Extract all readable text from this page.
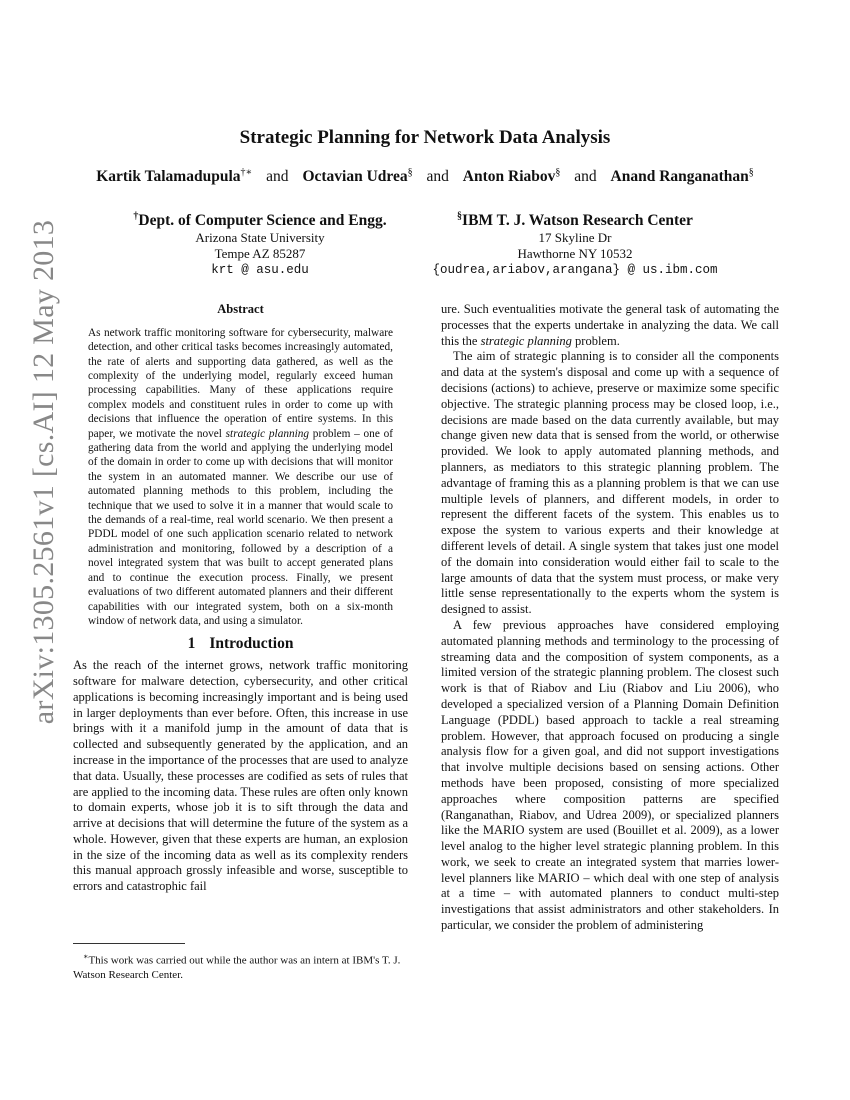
arXiv:1305.2561v1 [cs.AI] 12 May 2013
Strategic Planning for Network Data Analysis
Kartik Talamadupula†∗ and Octavian Udrea§ and Anton Riabov§ and Anand Ranganathan§
†Dept. of Computer Science and Engg.
Arizona State University
Tempe AZ 85287
krt @ asu.edu
§IBM T. J. Watson Research Center
17 Skyline Dr
Hawthorne NY 10532
{oudrea,ariabov,arangana} @ us.ibm.com
Abstract
As network traffic monitoring software for cybersecurity, malware detection, and other critical tasks becomes increasingly automated, the rate of alerts and supporting data gathered, as well as the complexity of the underlying model, regularly exceed human processing capabilities. Many of these applications require complex models and constituent rules in order to come up with decisions that influence the operation of entire systems. In this paper, we motivate the novel strategic planning problem – one of gathering data from the world and applying the underlying model of the domain in order to come up with decisions that will monitor the system in an automated manner. We describe our use of automated planning methods to this problem, including the technique that we used to solve it in a manner that would scale to the demands of a real-time, real world scenario. We then present a PDDL model of one such application scenario related to network administration and monitoring, followed by a description of a novel integrated system that was built to accept generated plans and to continue the execution process. Finally, we present evaluations of two different automated planners and their different capabilities with our integrated system, both on a six-month window of network data, and using a simulator.
1 Introduction

As the reach of the internet grows, network traffic monitoring software for malware detection, cybersecurity, and other critical applications is becoming increasingly important and is being used in larger deployments than ever before. Often, this increase in use brings with it a manifold jump in the amount of data that is collected and subsequently generated by the application, and an increase in the importance of the processes that are used to analyze that data. Usually, these processes are codified as sets of rules that are applied to the incoming data. These rules are often only known to domain experts, whose job it is to sift through the data and arrive at decisions that will determine the future of the system as a whole. However, given that these experts are human, an explosion in the size of the incoming data as well as its complexity renders this manual approach grossly infeasible and worse, susceptible to errors and catastrophic fail

ure. Such eventualities motivate the general task of automating the processes that the experts undertake in analyzing the data. We call this the strategic planning problem.

The aim of strategic planning is to consider all the components and data at the system's disposal and come up with a sequence of decisions (actions) to achieve, preserve or maximize some specific objective. The strategic planning process may be closed loop, i.e., decisions are made based on the data currently available, but may change given new data that is sensed from the world, or otherwise provided. We look to apply automated planning methods, and planners, as mediators to this strategic planning problem. The advantage of framing this as a planning problem is that we can use multiple levels of planners, and different models, in order to represent the different facets of the system. This enables us to expose the system to various experts and their knowledge at different levels of detail. A single system that takes just one model of the domain into consideration would either fail to scale to the large amounts of data that the system must process, or make very little sense representationally to the experts whom the system is designed to assist.

A few previous approaches have considered employing automated planning methods and terminology to the processing of streaming data and the composition of system components, as a limited version of the strategic planning problem. The closest such work is that of Riabov and Liu (Riabov and Liu 2006), who developed a specialized version of a Planning Domain Definition Language (PDDL) based approach to tackle a real streaming problem. However, that approach focused on producing a single analysis flow for a given goal, and did not support investigations that involve multiple decisions based on sensing actions. Other methods have been proposed, consisting of more specialized approaches where composition patterns are specified (Ranganathan, Riabov, and Udrea 2009), or specialized planners like the MARIO system are used (Bouillet et al. 2009), as a lower level analog to the higher level strategic planning problem. In this work, we seek to create an integrated system that marries lower-level planners like MARIO – which deal with one step of analysis at a time – with automated planners to conduct multi-step investigations that assist administrators and other stakeholders. In particular, we consider the problem of administering

∗This work was carried out while the author was an intern at IBM's T. J. Watson Research Center.
